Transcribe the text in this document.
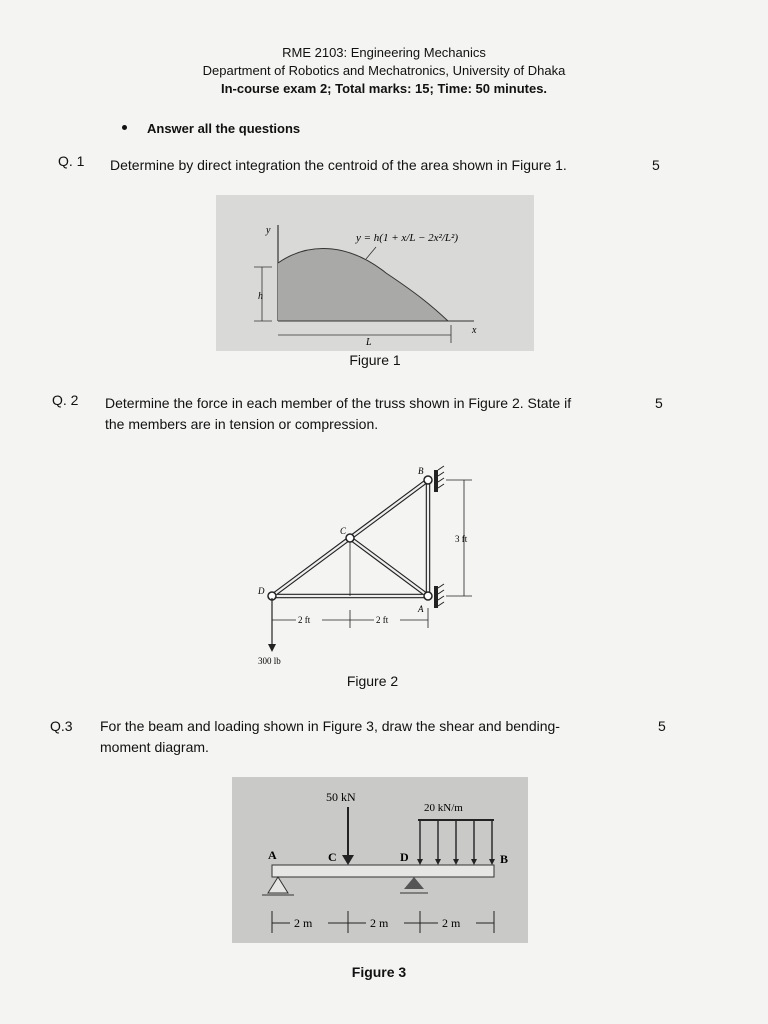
RME 2103: Engineering Mechanics
Department of Robotics and Mechatronics, University of Dhaka
In-course exam 2; Total marks: 15; Time: 50 minutes.
Answer all the questions
Q. 1 Determine by direct integration the centroid of the area shown in Figure 1.	5
h
L
y
x
y = h(1 + x/L − 2x²/L²)
Figure 1
Q. 2 Determine the force in each member of the truss shown in Figure 2. State if
the members are in tension or compression.
5
3 ft
2 ft	2 ft
300 lb
B
C
D
A
Figure 2
Q.3 For the beam and loading shown in Figure 3, draw the shear and bending-
moment diagram.
5
50 kN
20 kN/m
A	C	D	B
2 m	2 m	2 m
Figure 3
